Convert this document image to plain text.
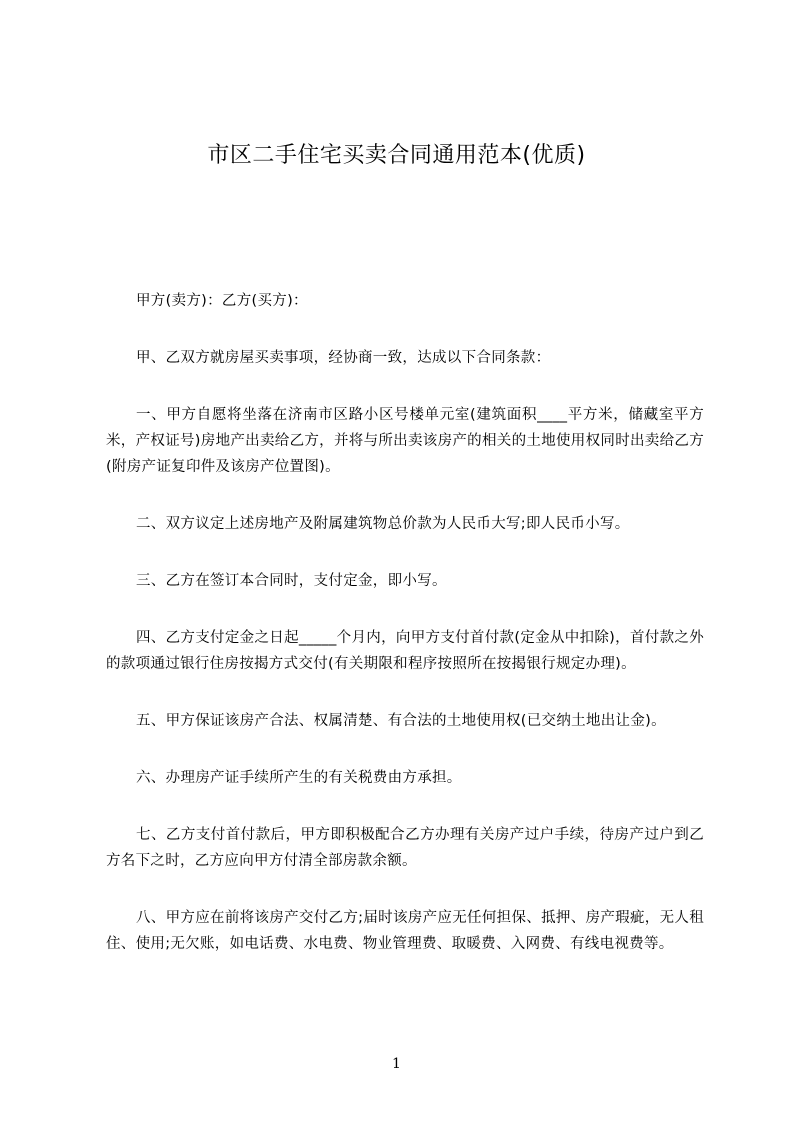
市区二手住宅买卖合同通用范本(优质)

甲方(卖方)：乙方(买方)：

甲、乙双方就房屋买卖事项，经协商一致，达成以下合同条款：

一、甲方自愿将坐落在济南市区路小区号楼单元室(建筑面积____平方米，储藏室平方米，产权证号)房地产出卖给乙方，并将与所出卖该房产的相关的土地使用权同时出卖给乙方(附房产证复印件及该房产位置图)。

二、双方议定上述房地产及附属建筑物总价款为人民币大写;即人民币小写。

三、乙方在签订本合同时，支付定金，即小写。

四、乙方支付定金之日起_____个月内，向甲方支付首付款(定金从中扣除)，首付款之外的款项通过银行住房按揭方式交付(有关期限和程序按照所在按揭银行规定办理)。

五、甲方保证该房产合法、权属清楚、有合法的土地使用权(已交纳土地出让金)。

六、办理房产证手续所产生的有关税费由方承担。

七、乙方支付首付款后，甲方即积极配合乙方办理有关房产过户手续，待房产过户到乙方名下之时，乙方应向甲方付清全部房款余额。

八、甲方应在前将该房产交付乙方;届时该房产应无任何担保、抵押、房产瑕疵，无人租住、使用;无欠账，如电话费、水电费、物业管理费、取暖费、入网费、有线电视费等。

1
